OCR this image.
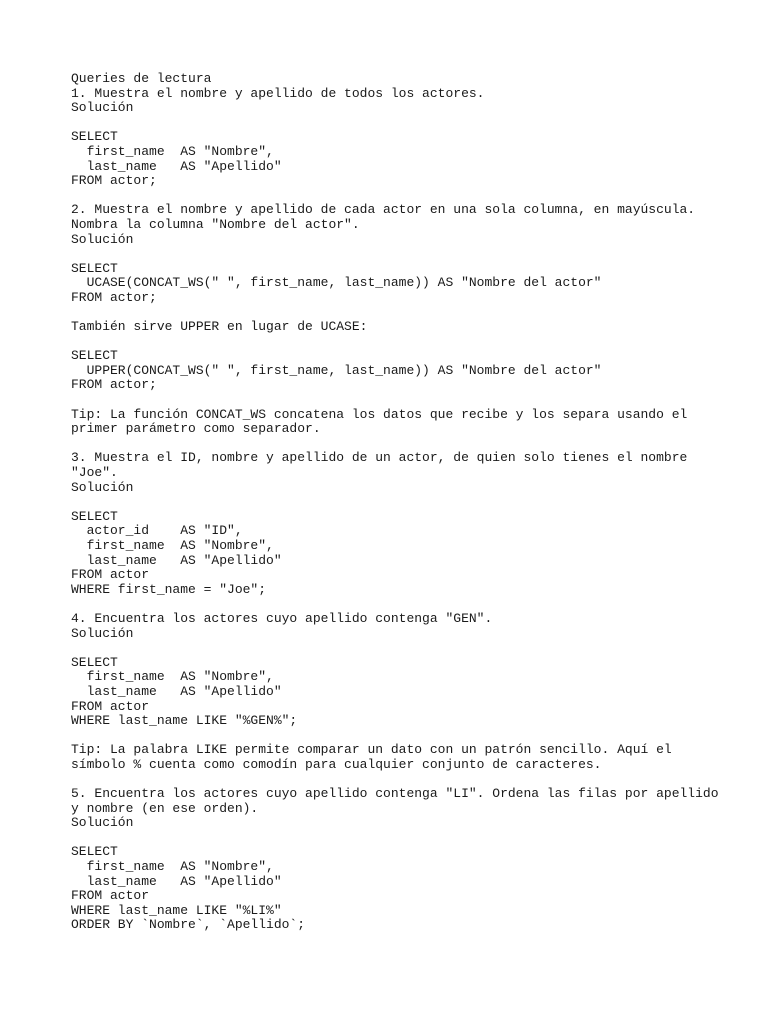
Queries de lectura
1. Muestra el nombre y apellido de todos los actores.
Solución
SELECT
first_name  AS "Nombre",
last_name   AS "Apellido"
FROM actor;
2. Muestra el nombre y apellido de cada actor en una sola columna, en mayúscula.
Nombra la columna "Nombre del actor".
Solución
SELECT
UCASE(CONCAT_WS(" ", first_name, last_name)) AS "Nombre del actor"
FROM actor;
También sirve UPPER en lugar de UCASE:
SELECT
UPPER(CONCAT_WS(" ", first_name, last_name)) AS "Nombre del actor"
FROM actor;
Tip: La función CONCAT_WS concatena los datos que recibe y los separa usando el
primer parámetro como separador.
3. Muestra el ID, nombre y apellido de un actor, de quien solo tienes el nombre
"Joe".
Solución
SELECT
actor_id    AS "ID",
first_name  AS "Nombre",
last_name   AS "Apellido"
FROM actor
WHERE first_name = "Joe";
4. Encuentra los actores cuyo apellido contenga "GEN".
Solución
SELECT
first_name  AS "Nombre",
last_name   AS "Apellido"
FROM actor
WHERE last_name LIKE "%GEN%";
Tip: La palabra LIKE permite comparar un dato con un patrón sencillo. Aquí el
símbolo % cuenta como comodín para cualquier conjunto de caracteres.
5. Encuentra los actores cuyo apellido contenga "LI". Ordena las filas por apellido
y nombre (en ese orden).
Solución
SELECT
first_name  AS "Nombre",
last_name   AS "Apellido"
FROM actor
WHERE last_name LIKE "%LI%"
ORDER BY `Nombre`, `Apellido`;
